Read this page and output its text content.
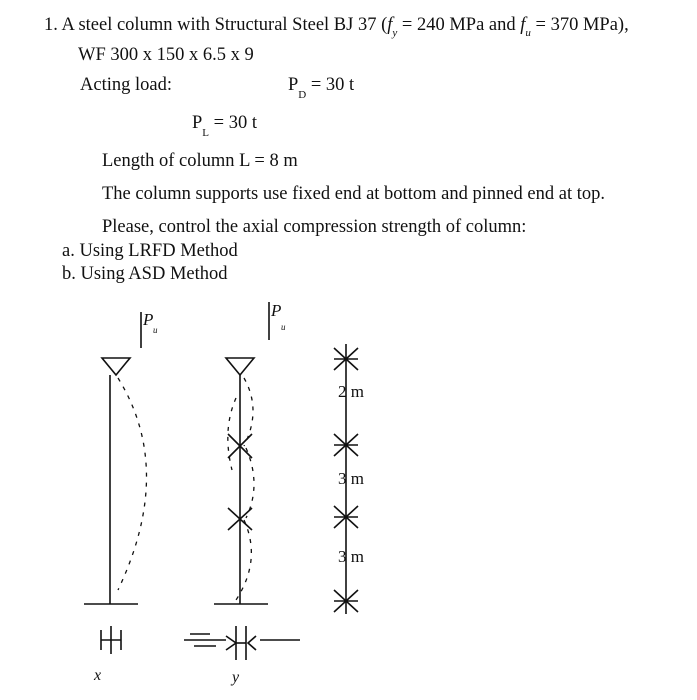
1. A steel column with Structural Steel BJ 37 ($f_y = 240$ MPa and $f_u = 370$ MPa),
WF 300 x 150 x 6.5 x 9
Acting load:	$P_D = 30$ t
$P_L = 30$ t
Length of column L = 8 m
The column supports use fixed end at bottom and pinned end at top.
Please, control the axial compression strength of column:
a. Using LRFD Method
b. Using ASD Method
P
u
x
P
u
y
2 m
3 m
3 m
